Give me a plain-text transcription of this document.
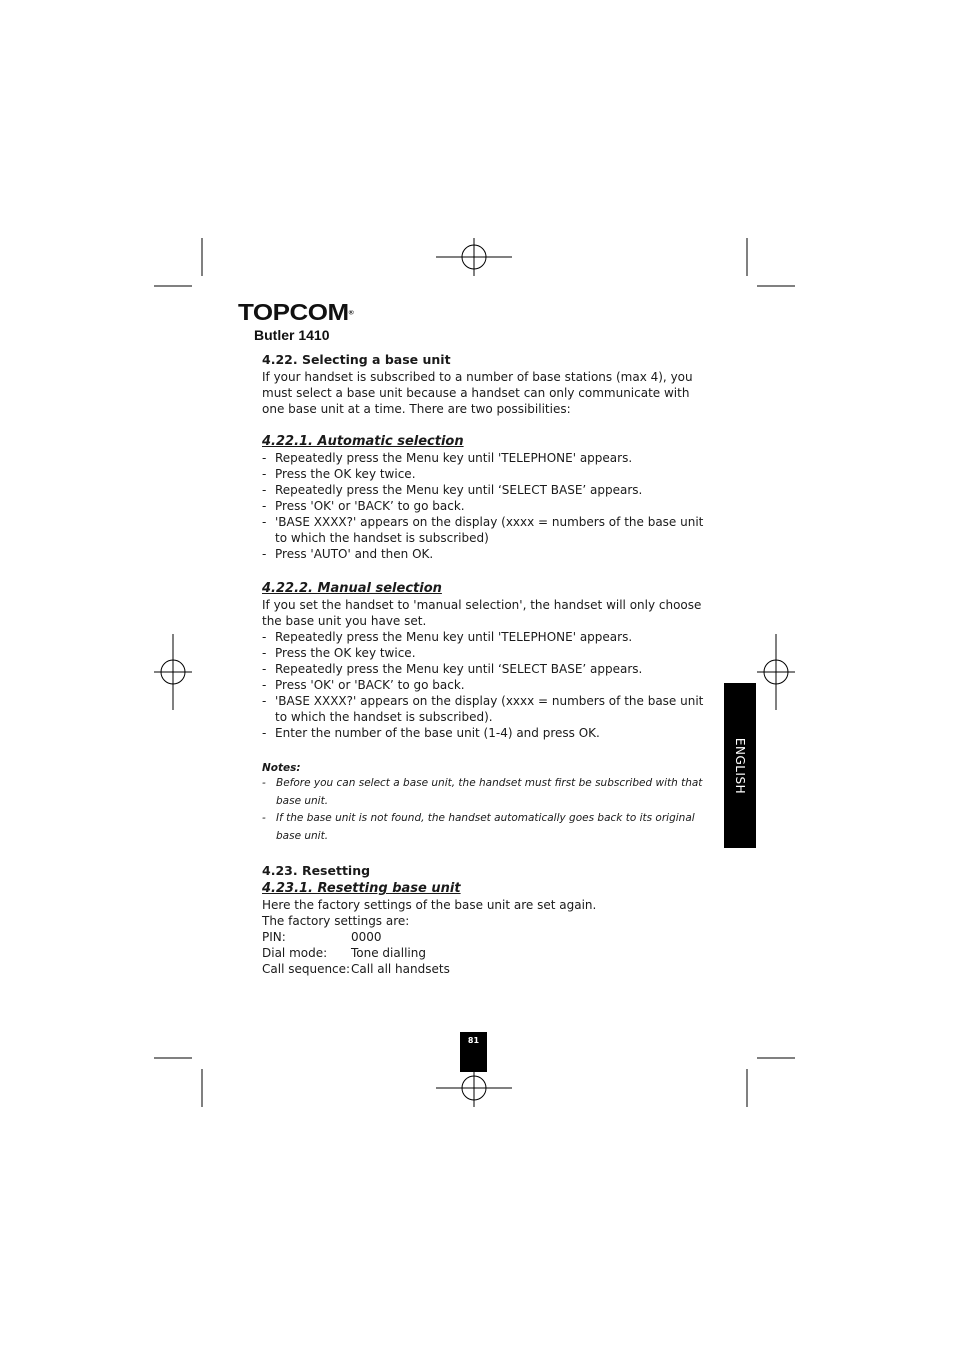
TOPCOM®
Butler 1410
4.22. Selecting a base unit

If your handset is subscribed to a number of base stations (max 4), you must select a base unit because a handset can only communicate with one base unit at a time. There are two possibilities:

4.22.1. Automatic selection
- Repeatedly press the Menu key until 'TELEPHONE' appears.
- Press the OK key twice.
- Repeatedly press the Menu key until ‘SELECT BASE’ appears.
- Press 'OK' or 'BACK’ to go back.
- 'BASE XXXX?' appears on the display (xxxx = numbers of the base unit to which the handset is subscribed)
- Press 'AUTO' and then OK.
4.22.2. Manual selection

If you set the handset to 'manual selection', the handset will only choose the base unit you have set.

- Repeatedly press the Menu key until 'TELEPHONE' appears.
- Press the OK key twice.
- Repeatedly press the Menu key until ‘SELECT BASE’ appears.
- Press 'OK' or 'BACK’ to go back.
- 'BASE XXXX?' appears on the display (xxxx = numbers of the base unit to which the handset is subscribed).
- Enter the number of the base unit (1-4) and press OK.

Notes:

- Before you can select a base unit, the handset must first be subscribed with that base unit.
- If the base unit is not found, the handset automatically goes back to its original base unit.
4.23. Resetting
4.23.1. Resetting base unit

Here the factory settings of the base unit are set again.

The factory settings are:

PIN:	0000
Dial mode:	Tone dialling
Call sequence: Call all handsets
ENGLISH
81
